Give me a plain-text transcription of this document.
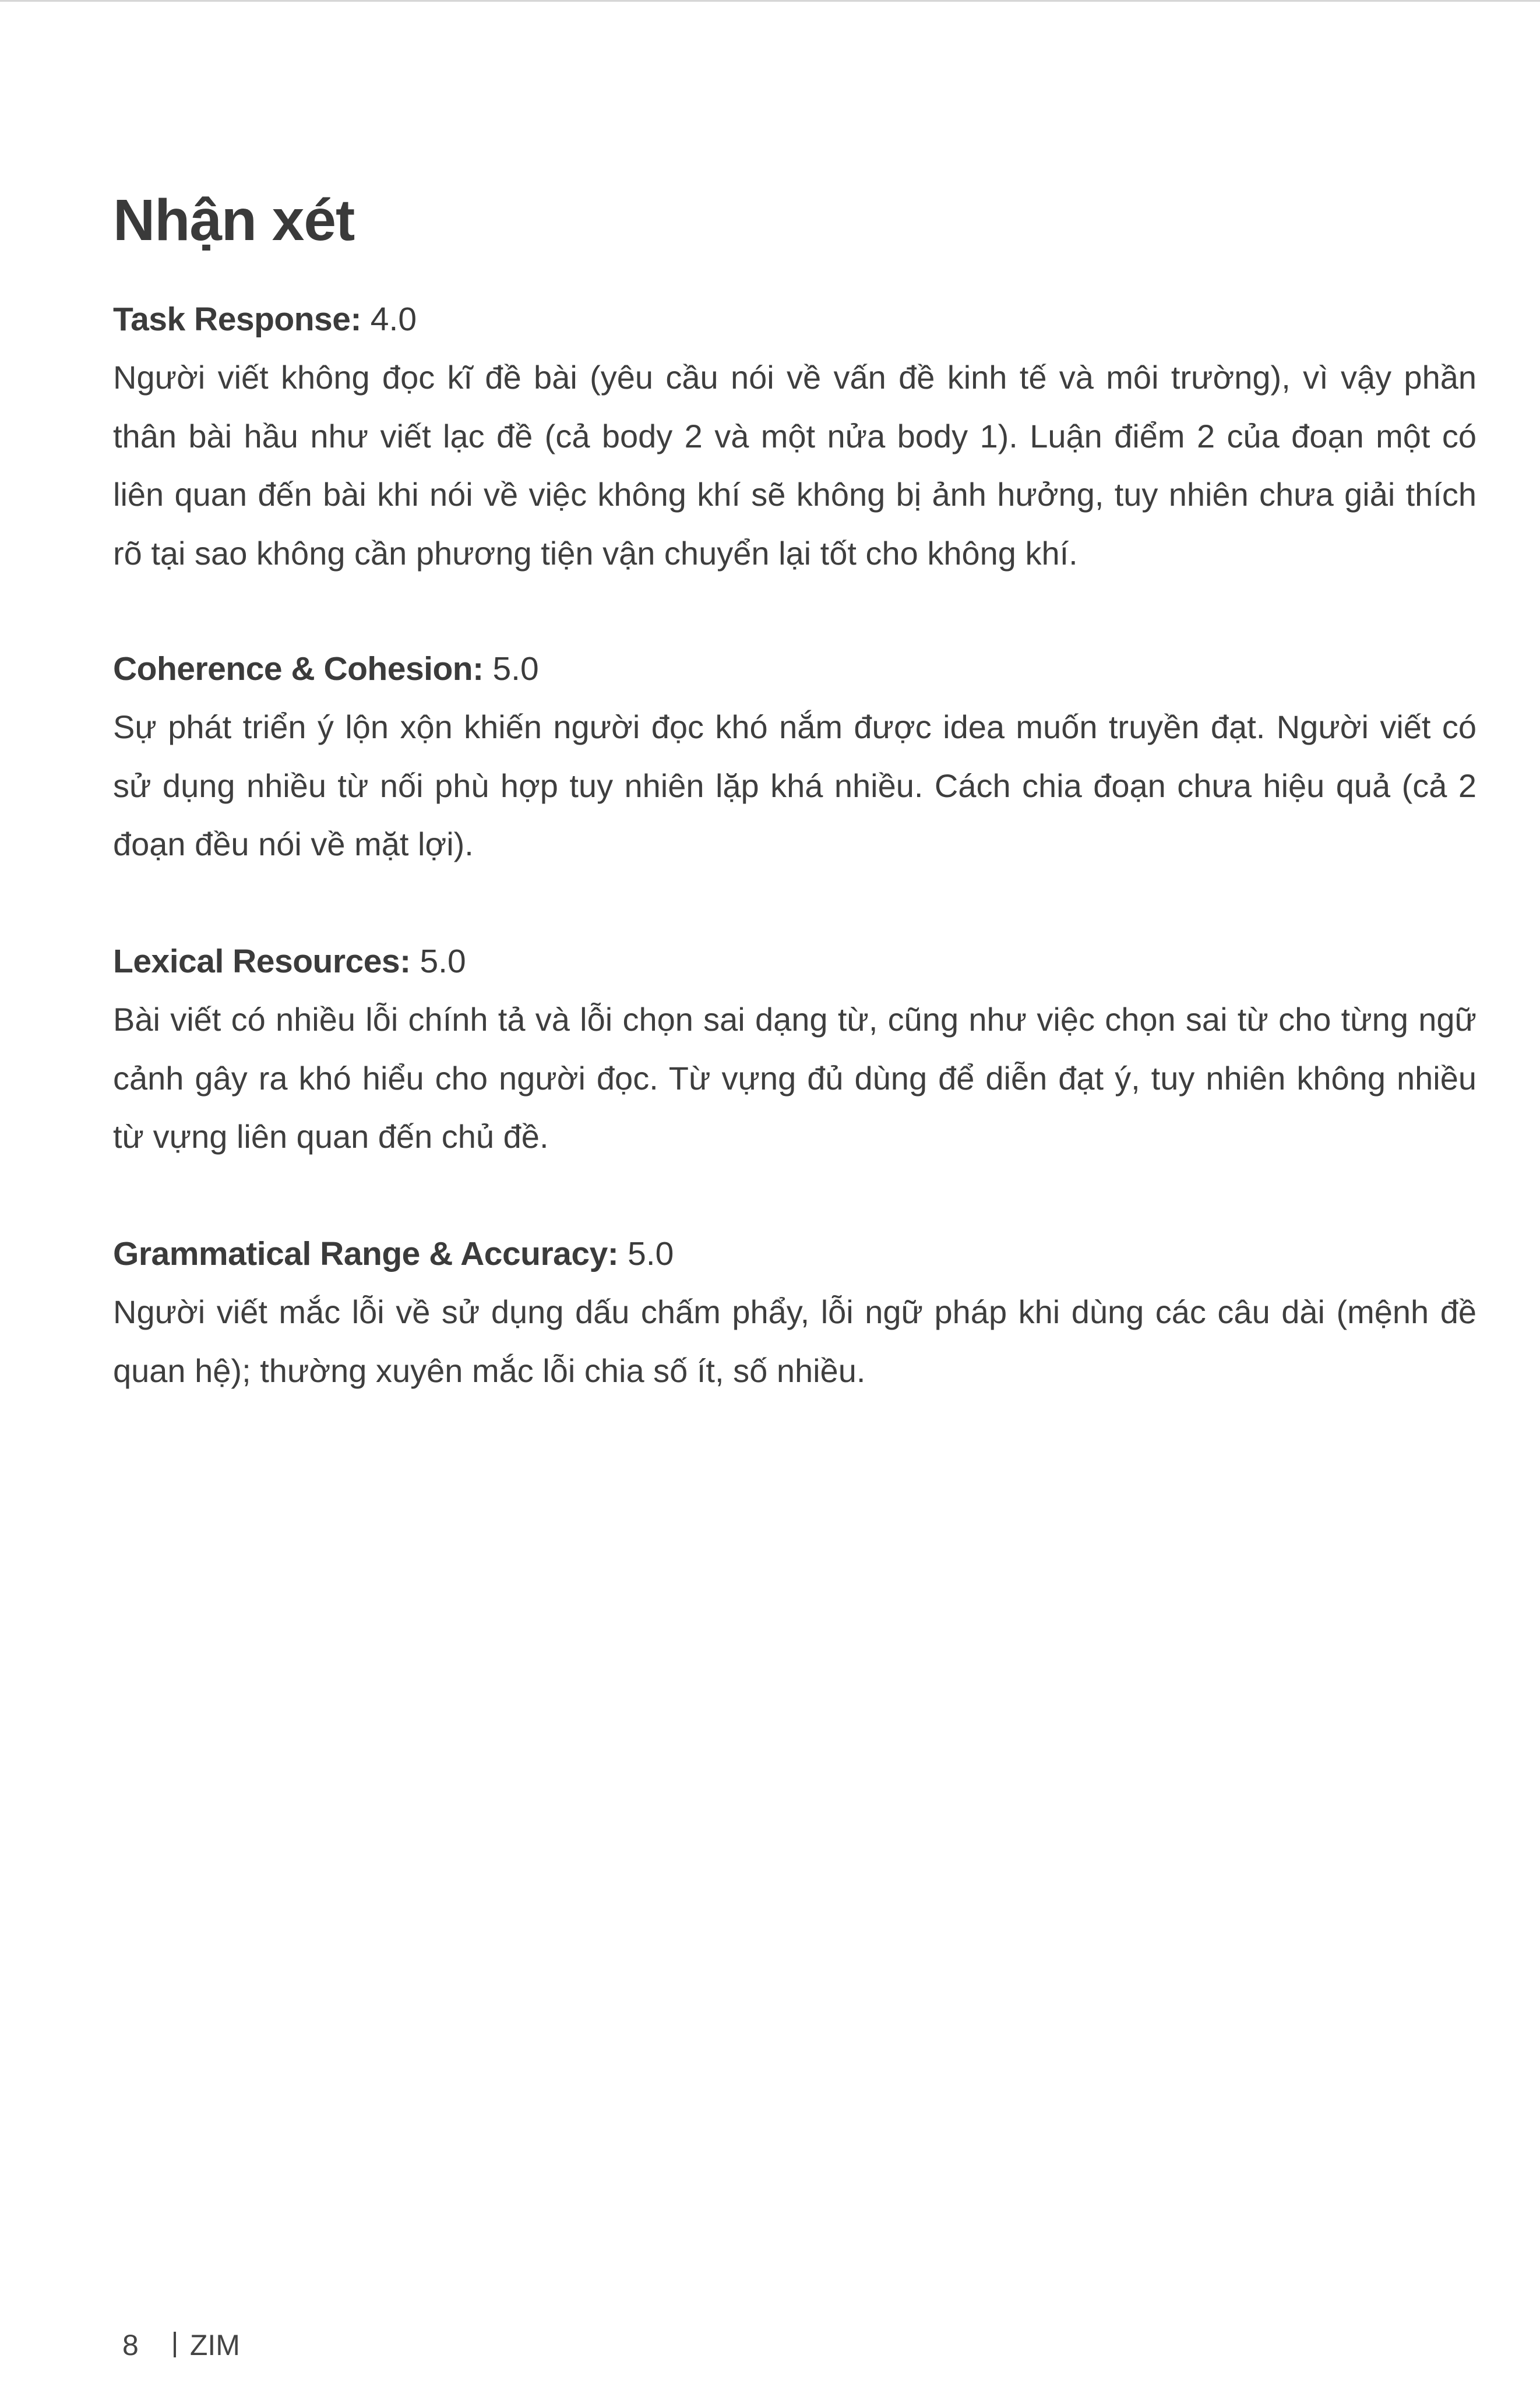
Nhận xét

Task Response: 4.0

Người viết không đọc kĩ đề bài (yêu cầu nói về vấn đề kinh tế và môi trường), vì vậy phần thân bài hầu như viết lạc đề (cả body 2 và một nửa body 1). Luận điểm 2 của đoạn một có liên quan đến bài khi nói về việc không khí sẽ không bị ảnh hưởng, tuy nhiên chưa giải thích rõ tại sao không cần phương tiện vận chuyển lại tốt cho không khí.

Coherence & Cohesion: 5.0

Sự phát triển ý lộn xộn khiến người đọc khó nắm được idea muốn truyền đạt. Người viết có sử dụng nhiều từ nối phù hợp tuy nhiên lặp khá nhiều. Cách chia đoạn chưa hiệu quả (cả 2 đoạn đều nói về mặt lợi).

Lexical Resources: 5.0

Bài viết có nhiều lỗi chính tả và lỗi chọn sai dạng từ, cũng như việc chọn sai từ cho từng ngữ cảnh gây ra khó hiểu cho người đọc. Từ vựng đủ dùng để diễn đạt ý, tuy nhiên không nhiều từ vựng liên quan đến chủ đề.

Grammatical Range & Accuracy: 5.0

Người viết mắc lỗi về sử dụng dấu chấm phẩy, lỗi ngữ pháp khi dùng các câu dài (mệnh đề quan hệ); thường xuyên mắc lỗi chia số ít, số nhiều.

8 ZIM
